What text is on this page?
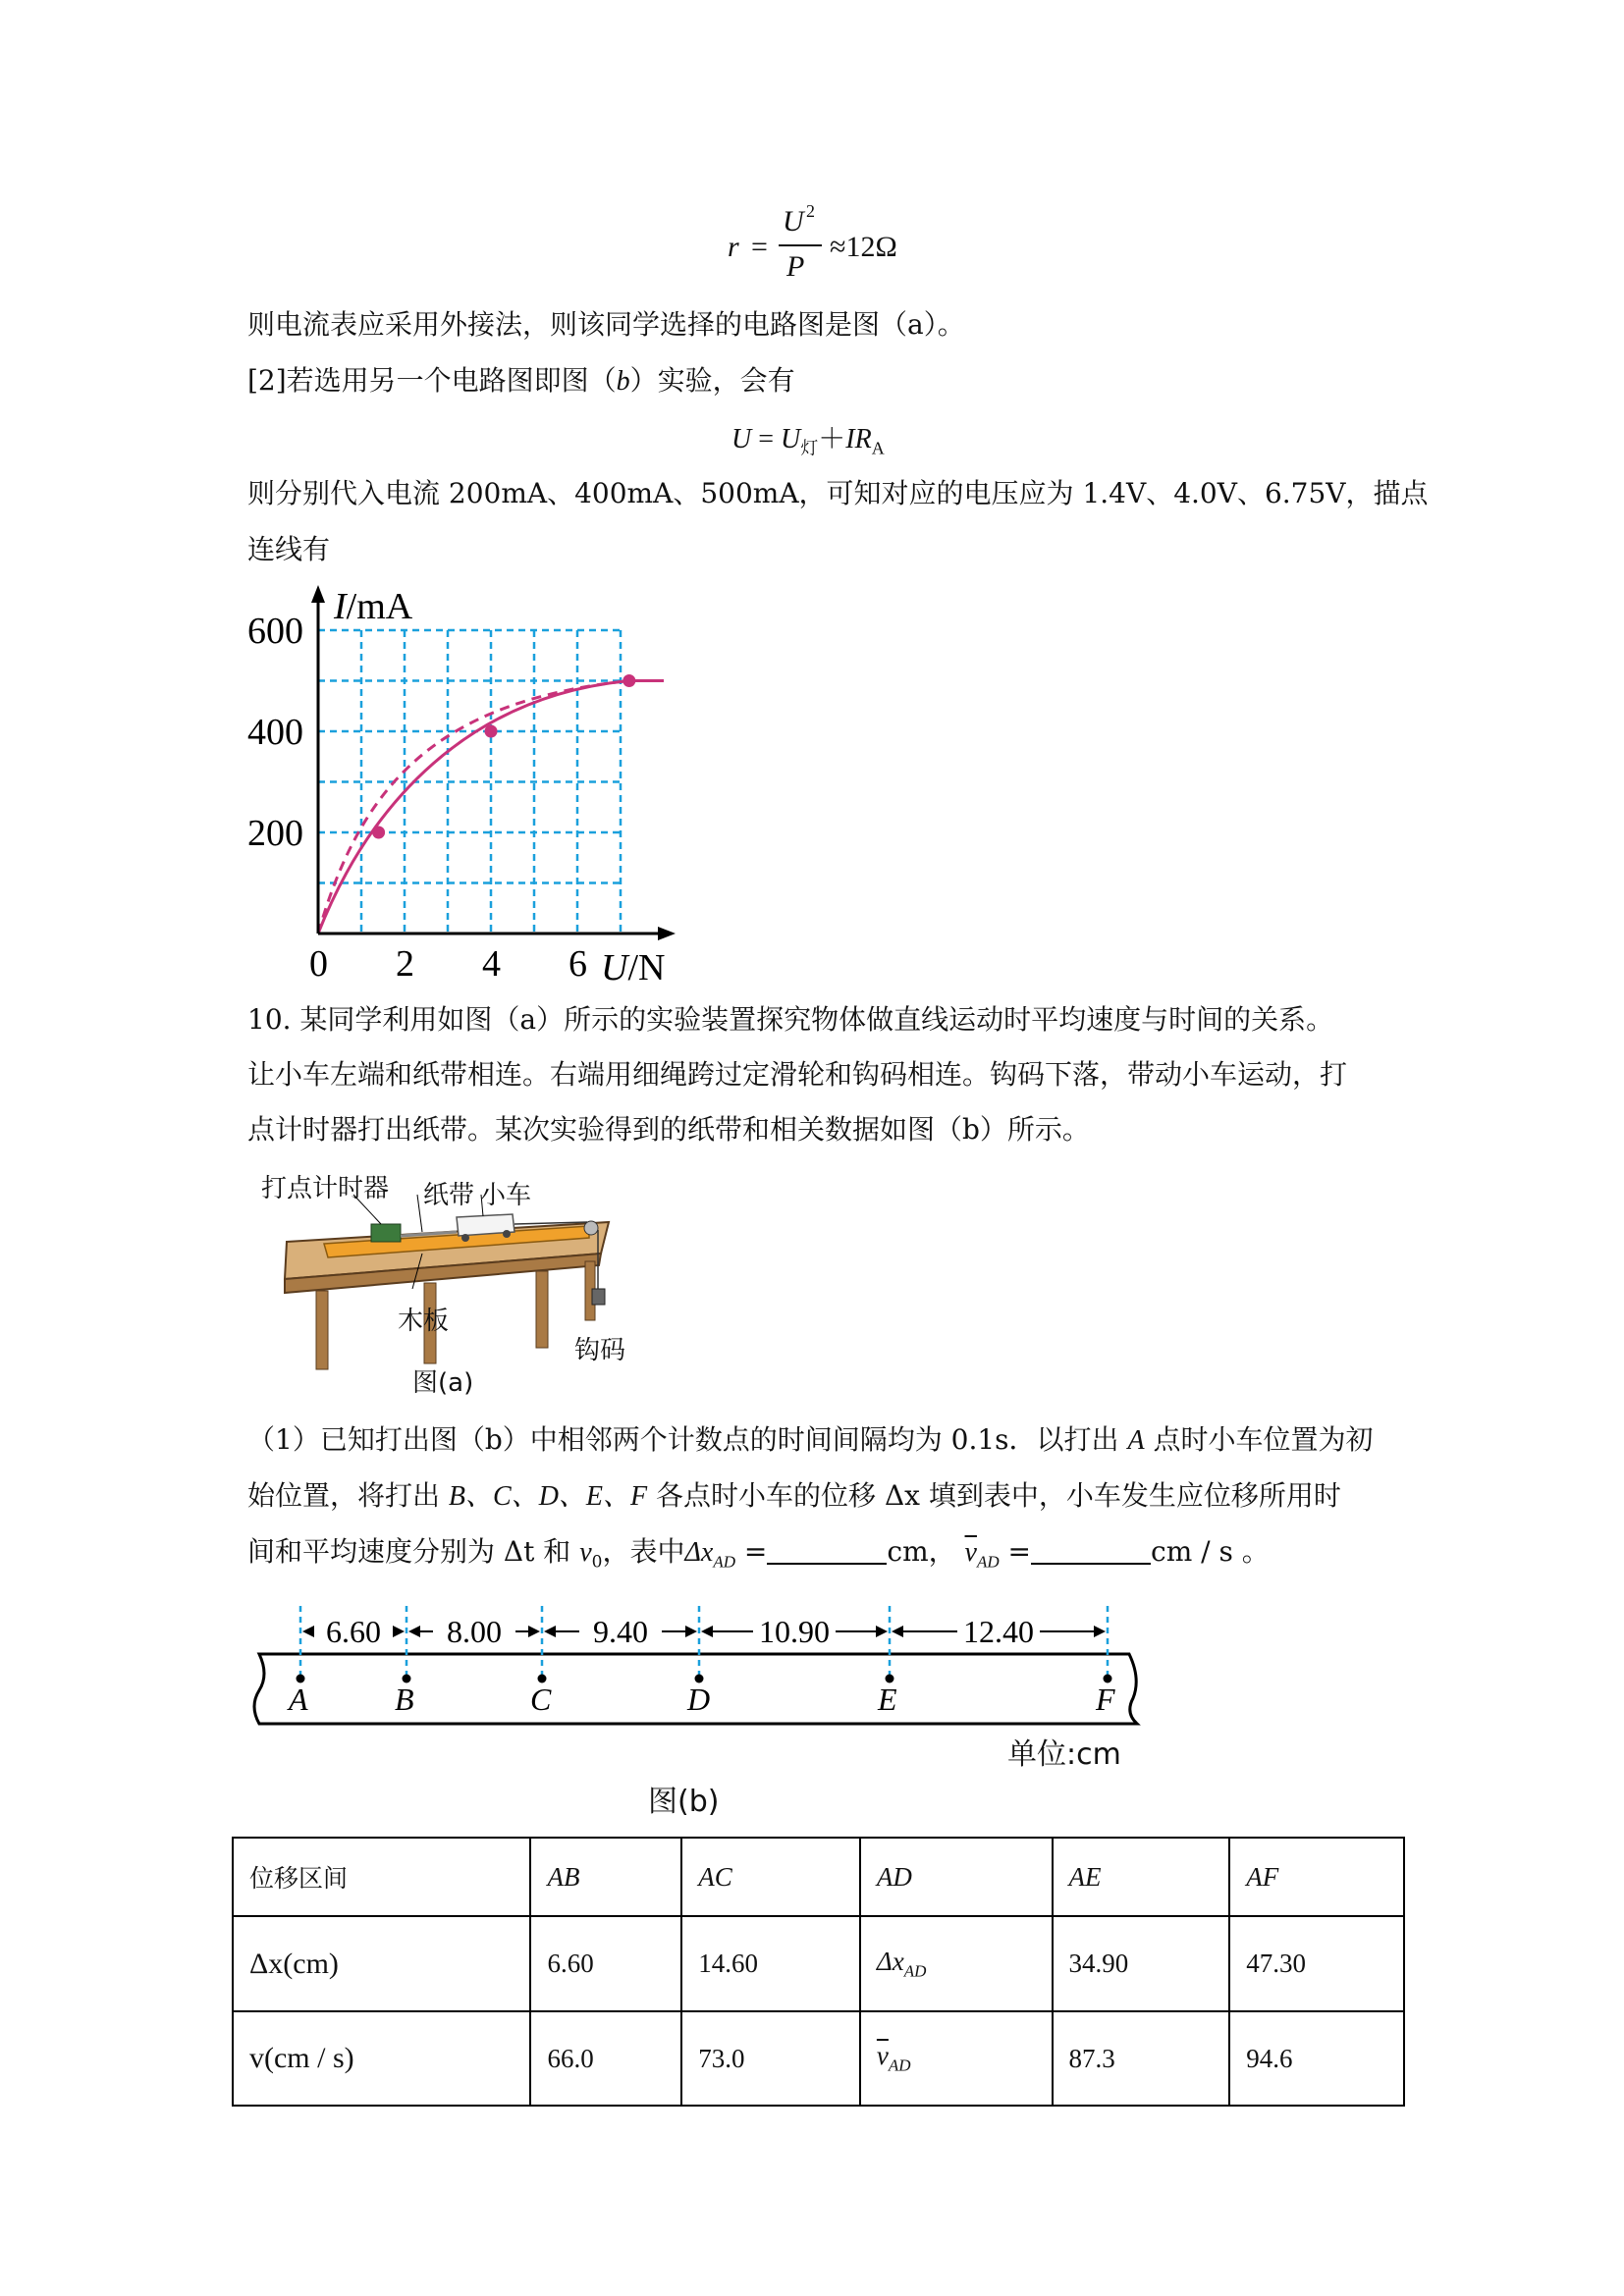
r =
U 2
P
≈12Ω
则电流表应采用外接法，则该同学选择的电路图是图（a）。
[2]若选用另一个电路图即图（b）实验，会有
$U = U_灯+IR_A$
则分别代入电流 200mA、400mA、500mA，可知对应的电压应为 1.4V、4.0V、6.75V，描点
连线有
0 2 4 6
200
400
600
I/mA
U/N
10. 某同学利用如图（a）所示的实验装置探究物体做直线运动时平均速度与时间的关系。
让小车左端和纸带相连。右端用细绳跨过定滑轮和钩码相连。钩码下落，带动小车运动，打
点计时器打出纸带。某次实验得到的纸带和相关数据如图（b）所示。
打点计时器 纸带 小车
木板
钩码
图(a)
（1）已知打出图（b）中相邻两个计数点的时间间隔均为 0.1s．以打出 A 点时小车位置为初
始位置，将打出 B、C、D、E、F 各点时小车的位移 Δx 填到表中，小车发生应位移所用时
间和平均速度分别为 Δt 和 $v_0$，表中$\Delta x_{AD}$ =	cm， $\overline{v}_{AD}$ =	cm / s 。
A	B	C	D	E	F
6.60 8.00	9.40	10.90	12.40
单位:cm
图(b)
位移区间	AB	AC	AD	AE	AF
Δx(cm)	6.60	14.60	$\Delta x_{AD}$	34.90	47.30
v(cm / s)	66.0	73.0	$\overline{v}_{AD}$	87.3	94.6
